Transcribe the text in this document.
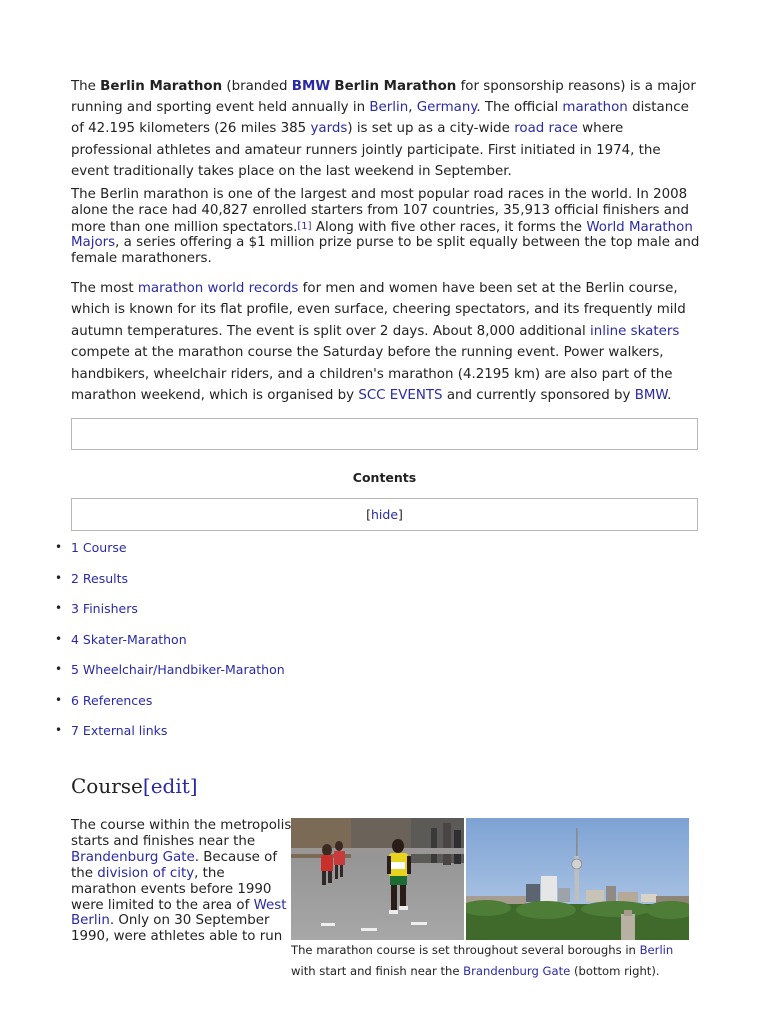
The Berlin Marathon (branded BMW Berlin Marathon for sponsorship reasons) is a major running and sporting event held annually in Berlin, Germany. The official marathon distance of 42.195 kilometers (26 miles 385 yards) is set up as a city-wide road race where professional athletes and amateur runners jointly participate. First initiated in 1974, the event traditionally takes place on the last weekend in September.

The Berlin marathon is one of the largest and most popular road races in the world. In 2008 alone the race had 40,827 enrolled starters from 107 countries, 35,913 official finishers and more than one million spectators.[1] Along with five other races, it forms the World Marathon Majors, a series offering a $1 million prize purse to be split equally between the top male and female marathoners.

The most marathon world records for men and women have been set at the Berlin course, which is known for its flat profile, even surface, cheering spectators, and its frequently mild autumn temperatures. The event is split over 2 days. About 8,000 additional inline skaters compete at the marathon course the Saturday before the running event. Power walkers, handbikers, wheelchair riders, and a children's marathon (4.2195 km) are also part of the marathon weekend, which is organised by SCC EVENTS and currently sponsored by BMW.

Contents
[hide]
• 1 Course
• 2 Results
• 3 Finishers
• 4 Skater-Marathon
• 5 Wheelchair/Handbiker-Marathon
• 6 References
• 7 External links
Course[edit]

The course within the metropolis starts and finishes near the Brandenburg Gate. Because of the division of city, the marathon events before 1990 were limited to the area of West Berlin. Only on 30 September 1990, were athletes able to run

The marathon course is set throughout several boroughs in Berlin with start and finish near the Brandenburg Gate (bottom right).
